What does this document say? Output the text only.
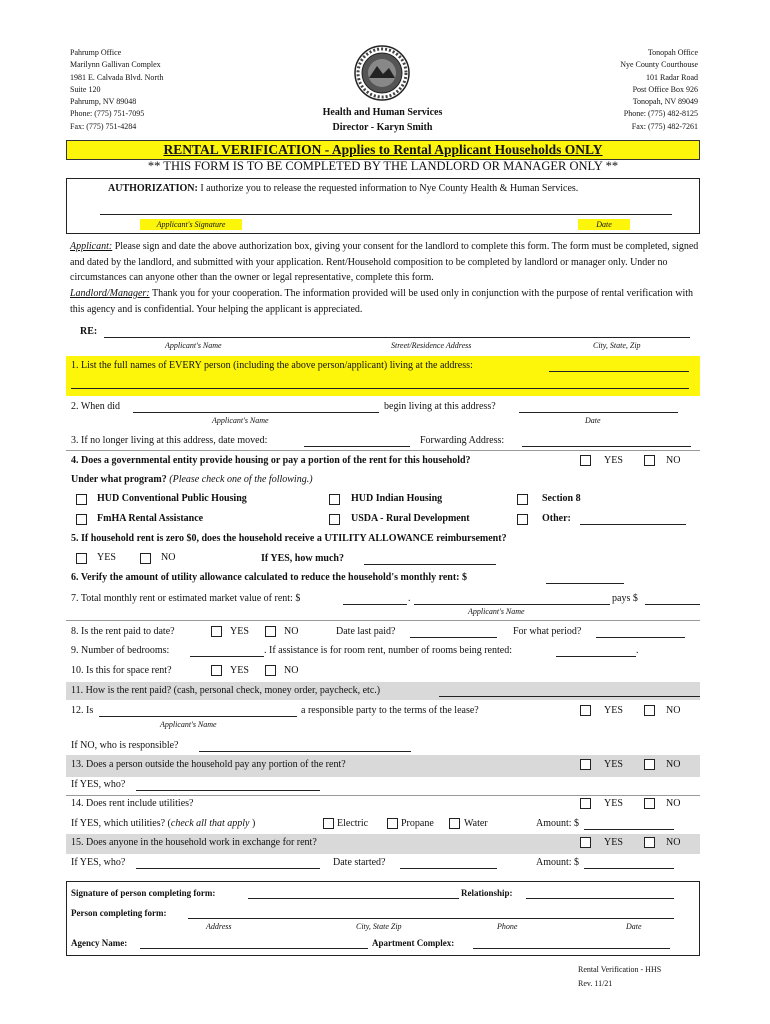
Pahrump Office
Marilynn Gallivan Complex
1981 E. Calvada Blvd. North
Suite 120
Pahrump, NV 89048
Phone: (775) 751-7095
Fax: (775) 751-4284
Health and Human Services
Director - Karyn Smith
Tonopah Office
Nye County Courthouse
101 Radar Road
Post Office Box 926
Tonopah, NV 89049
Phone: (775) 482-8125
Fax: (775) 482-7261
RENTAL VERIFICATION - Applies to Rental Applicant Households ONLY
** THIS FORM IS TO BE COMPLETED BY THE LANDLORD OR MANAGER ONLY **
AUTHORIZATION: I authorize you to release the requested information to Nye County Health & Human Services.
Applicant's Signature	Date
Applicant: Please sign and date the above authorization box, giving your consent for the landlord to complete this form. The form must be completed, signed and dated by the landlord, and submitted with your application. Rent/Household composition to be completed by landlord or manager only. Under no circumstances can anyone other than the owner or legal representative, complete this form.
Landlord/Manager: Thank you for your cooperation. The information provided will be used only in conjunction with the purpose of rental verification with this agency and is confidential. Your helping the applicant is appreciated.
RE:
Applicant's Name	Street/Residence Address	City, State, Zip
1. List the full names of EVERY person (including the above person/applicant) living at the address:
2. When did	begin living at this address?
Applicant's Name	Date
3. If no longer living at this address, date moved:	Forwarding Address:
4. Does a governmental entity provide housing or pay a portion of the rent for this household?	YES	NO
Under what program? (Please check one of the following.)
HUD Conventional Public Housing	HUD Indian Housing	Section 8
FmHA Rental Assistance	USDA - Rural Development	Other:
5. If household rent is zero $0, does the household receive a UTILITY ALLOWANCE reimbursement?
YES	NO	If YES, how much?
6. Verify the amount of utility allowance calculated to reduce the household's monthly rent: $
7. Total monthly rent or estimated market value of rent: $	.	pays $
Applicant's Name
8. Is the rent paid to date?	YES	NO	Date last paid?	For what period?
9. Number of bedrooms:	. If assistance is for room rent, number of rooms being rented:	.
10. Is this for space rent?	YES	NO
11. How is the rent paid? (cash, personal check, money order, paycheck, etc.)
12. Is	a responsible party to the terms of the lease?	YES	NO
Applicant's Name
If NO, who is responsible?
13. Does a person outside the household pay any portion of the rent?	YES	NO
If YES, who?
14. Does rent include utilities?	YES	NO
If YES, which utilities? (check all that apply )	Electric	Propane	Water	Amount: $
15. Does anyone in the household work in exchange for rent?	YES	NO
If YES, who?	Date started?	Amount: $
Signature of person completing form:	Relationship:
Person completing form:
Address	City, State Zip	Phone	Date
Agency Name:	Apartment Complex:
Rental Verification - HHS
Rev. 11/21
